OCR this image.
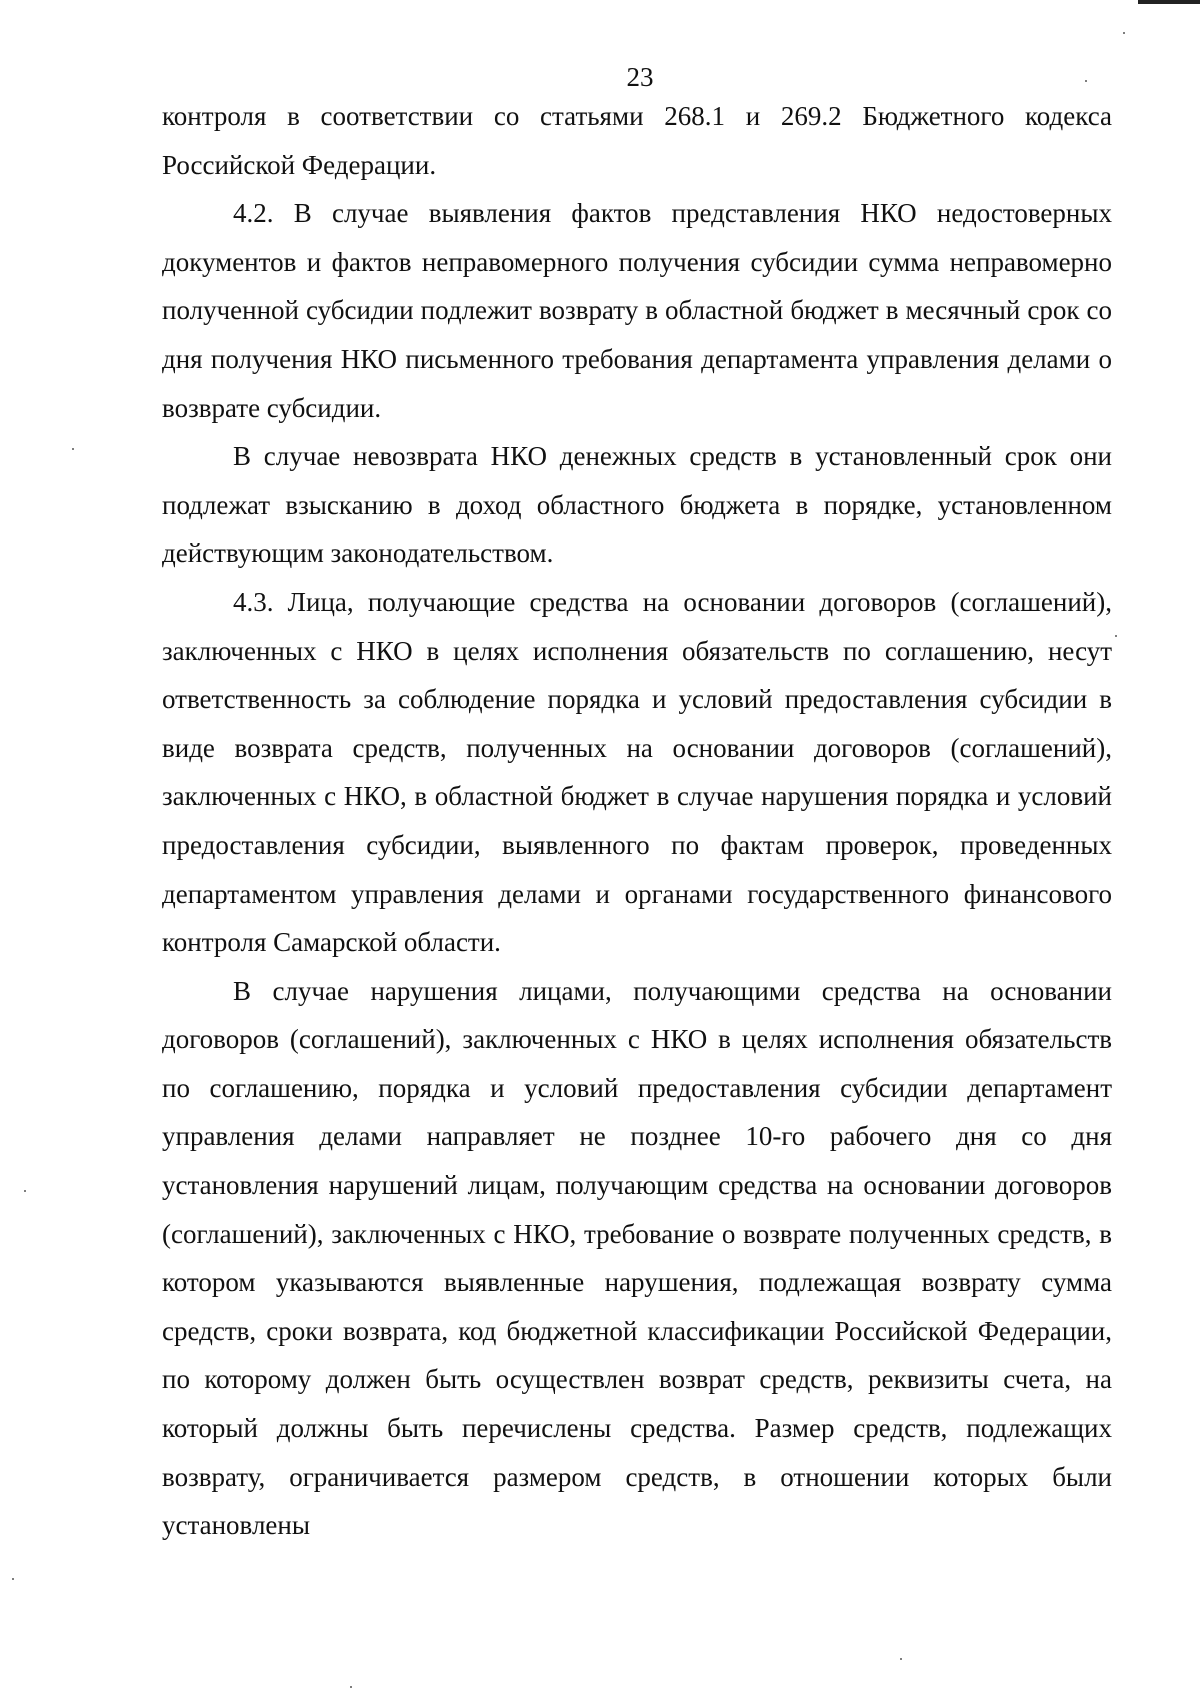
23

контроля в соответствии со статьями 268.1 и 269.2 Бюджетного кодекса Российской Федерации.

4.2. В случае выявления фактов представления НКО недостоверных документов и фактов неправомерного получения субсидии сумма неправомерно полученной субсидии подлежит возврату в областной бюджет в месячный срок со дня получения НКО письменного требования департамента управления делами о возврате субсидии.

В случае невозврата НКО денежных средств в установленный срок они подлежат взысканию в доход областного бюджета в порядке, установленном действующим законодательством.

4.3. Лица, получающие средства на основании договоров (соглашений), заключенных с НКО в целях исполнения обязательств по соглашению, несут ответственность за соблюдение порядка и условий предоставления субсидии в виде возврата средств, полученных на основании договоров (соглашений), заключенных с НКО, в областной бюджет в случае нарушения порядка и условий предоставления субсидии, выявленного по фактам проверок, проведенных департаментом управления делами и органами государственного финансового контроля Самарской области.

В случае нарушения лицами, получающими средства на основании договоров (соглашений), заключенных с НКО в целях исполнения обязательств по соглашению, порядка и условий предоставления субсидии департамент управления делами направляет не позднее 10-го рабочего дня со дня установления нарушений лицам, получающим средства на основании договоров (соглашений), заключенных с НКО, требование о возврате полученных средств, в котором указываются выявленные нарушения, подлежащая возврату сумма средств, сроки возврата, код бюджетной классификации Российской Федерации, по которому должен быть осуществлен возврат средств, реквизиты счета, на который должны быть перечислены средства. Размер средств, подлежащих возврату, ограничивается размером средств, в отношении которых были установлены
